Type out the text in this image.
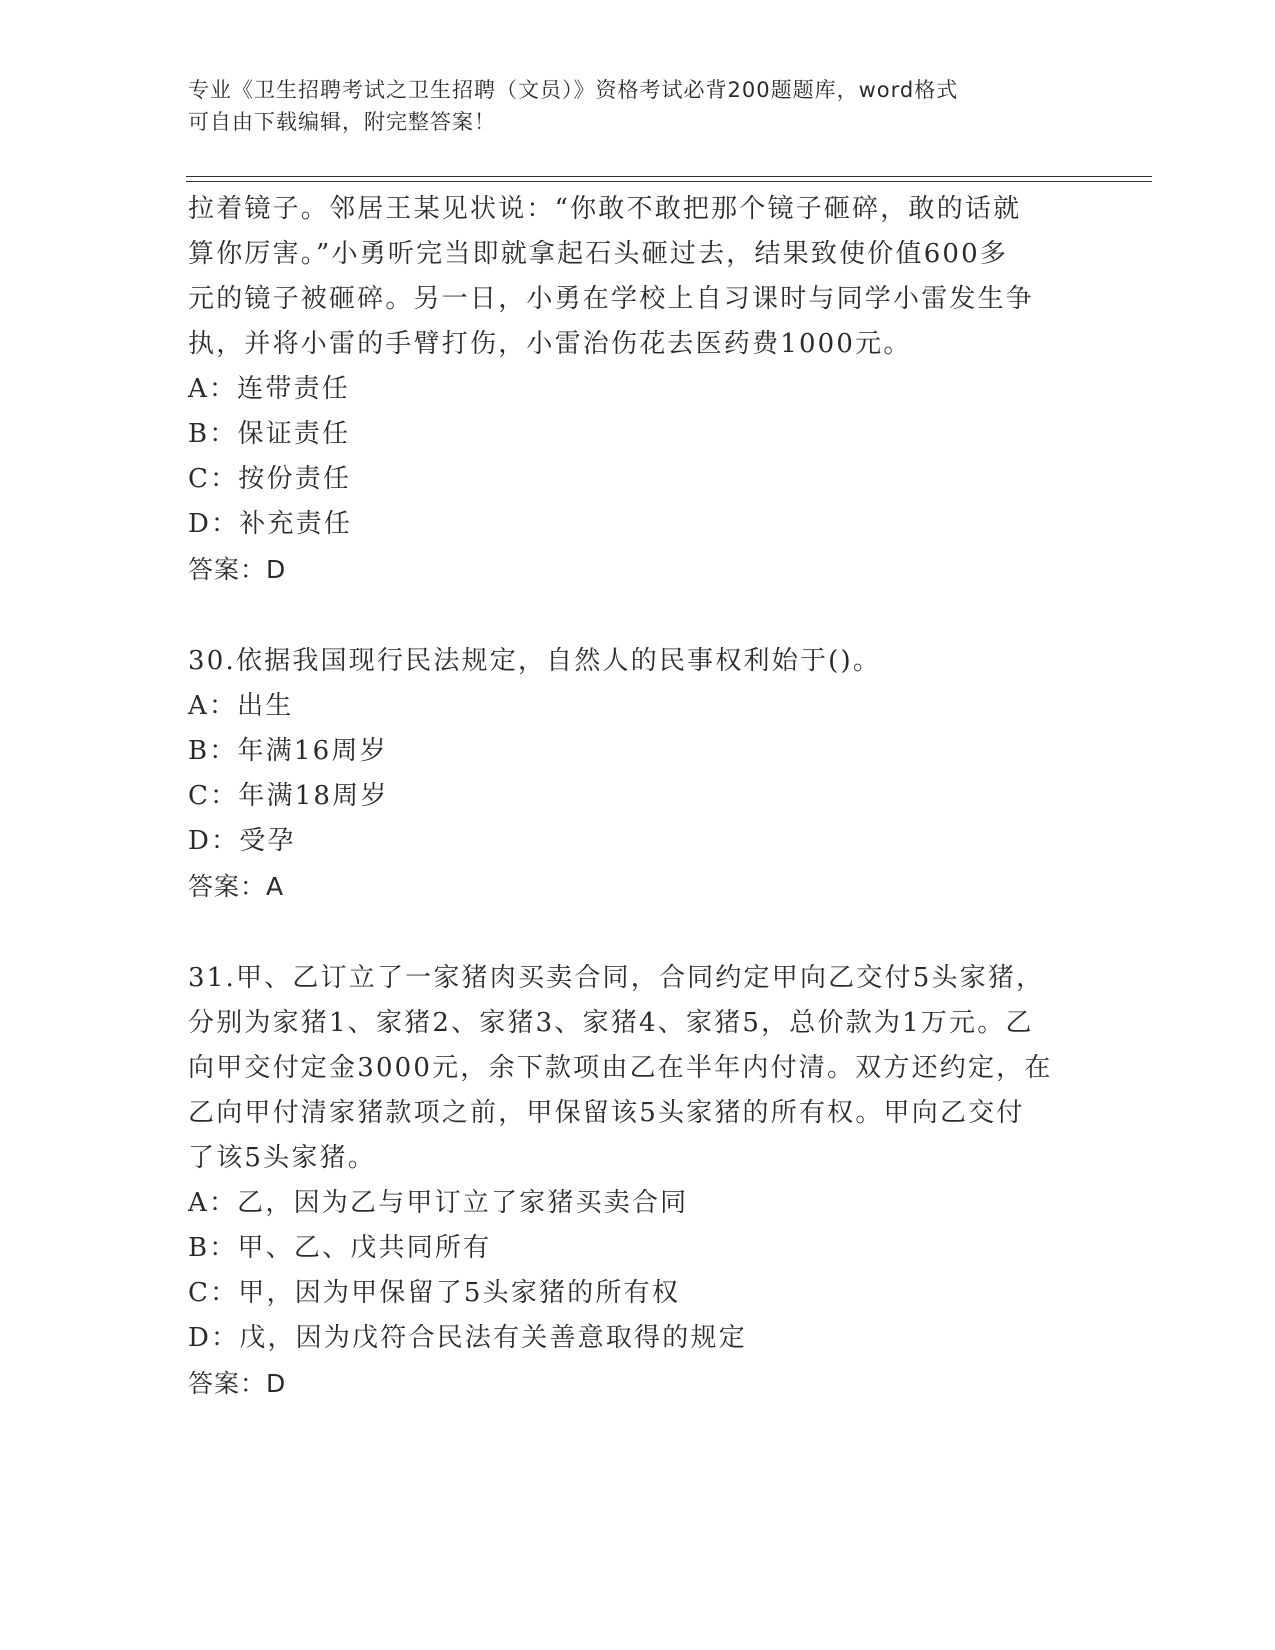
专业《卫生招聘考试之卫生招聘（文员）》资格考试必背200题题库，word格式
可自由下载编辑，附完整答案！
拉着镜子。邻居王某见状说：“你敢不敢把那个镜子砸碎，敢的话就
算你厉害。”小勇听完当即就拿起石头砸过去，结果致使价值600多
元的镜子被砸碎。另一日，小勇在学校上自习课时与同学小雷发生争
执，并将小雷的手臂打伤，小雷治伤花去医药费1000元。
A：连带责任
B：保证责任
C：按份责任
D：补充责任
答案：D
30.依据我国现行民法规定，自然人的民事权利始于()。
A：出生
B：年满16周岁
C：年满18周岁
D：受孕
答案：A
31.甲、乙订立了一家猪肉买卖合同，合同约定甲向乙交付5头家猪，
分别为家猪1、家猪2、家猪3、家猪4、家猪5，总价款为1万元。乙
向甲交付定金3000元，余下款项由乙在半年内付清。双方还约定，在
乙向甲付清家猪款项之前，甲保留该5头家猪的所有权。甲向乙交付
了该5头家猪。
A：乙，因为乙与甲订立了家猪买卖合同
B：甲、乙、戊共同所有
C：甲，因为甲保留了5头家猪的所有权
D：戊，因为戊符合民法有关善意取得的规定
答案：D
